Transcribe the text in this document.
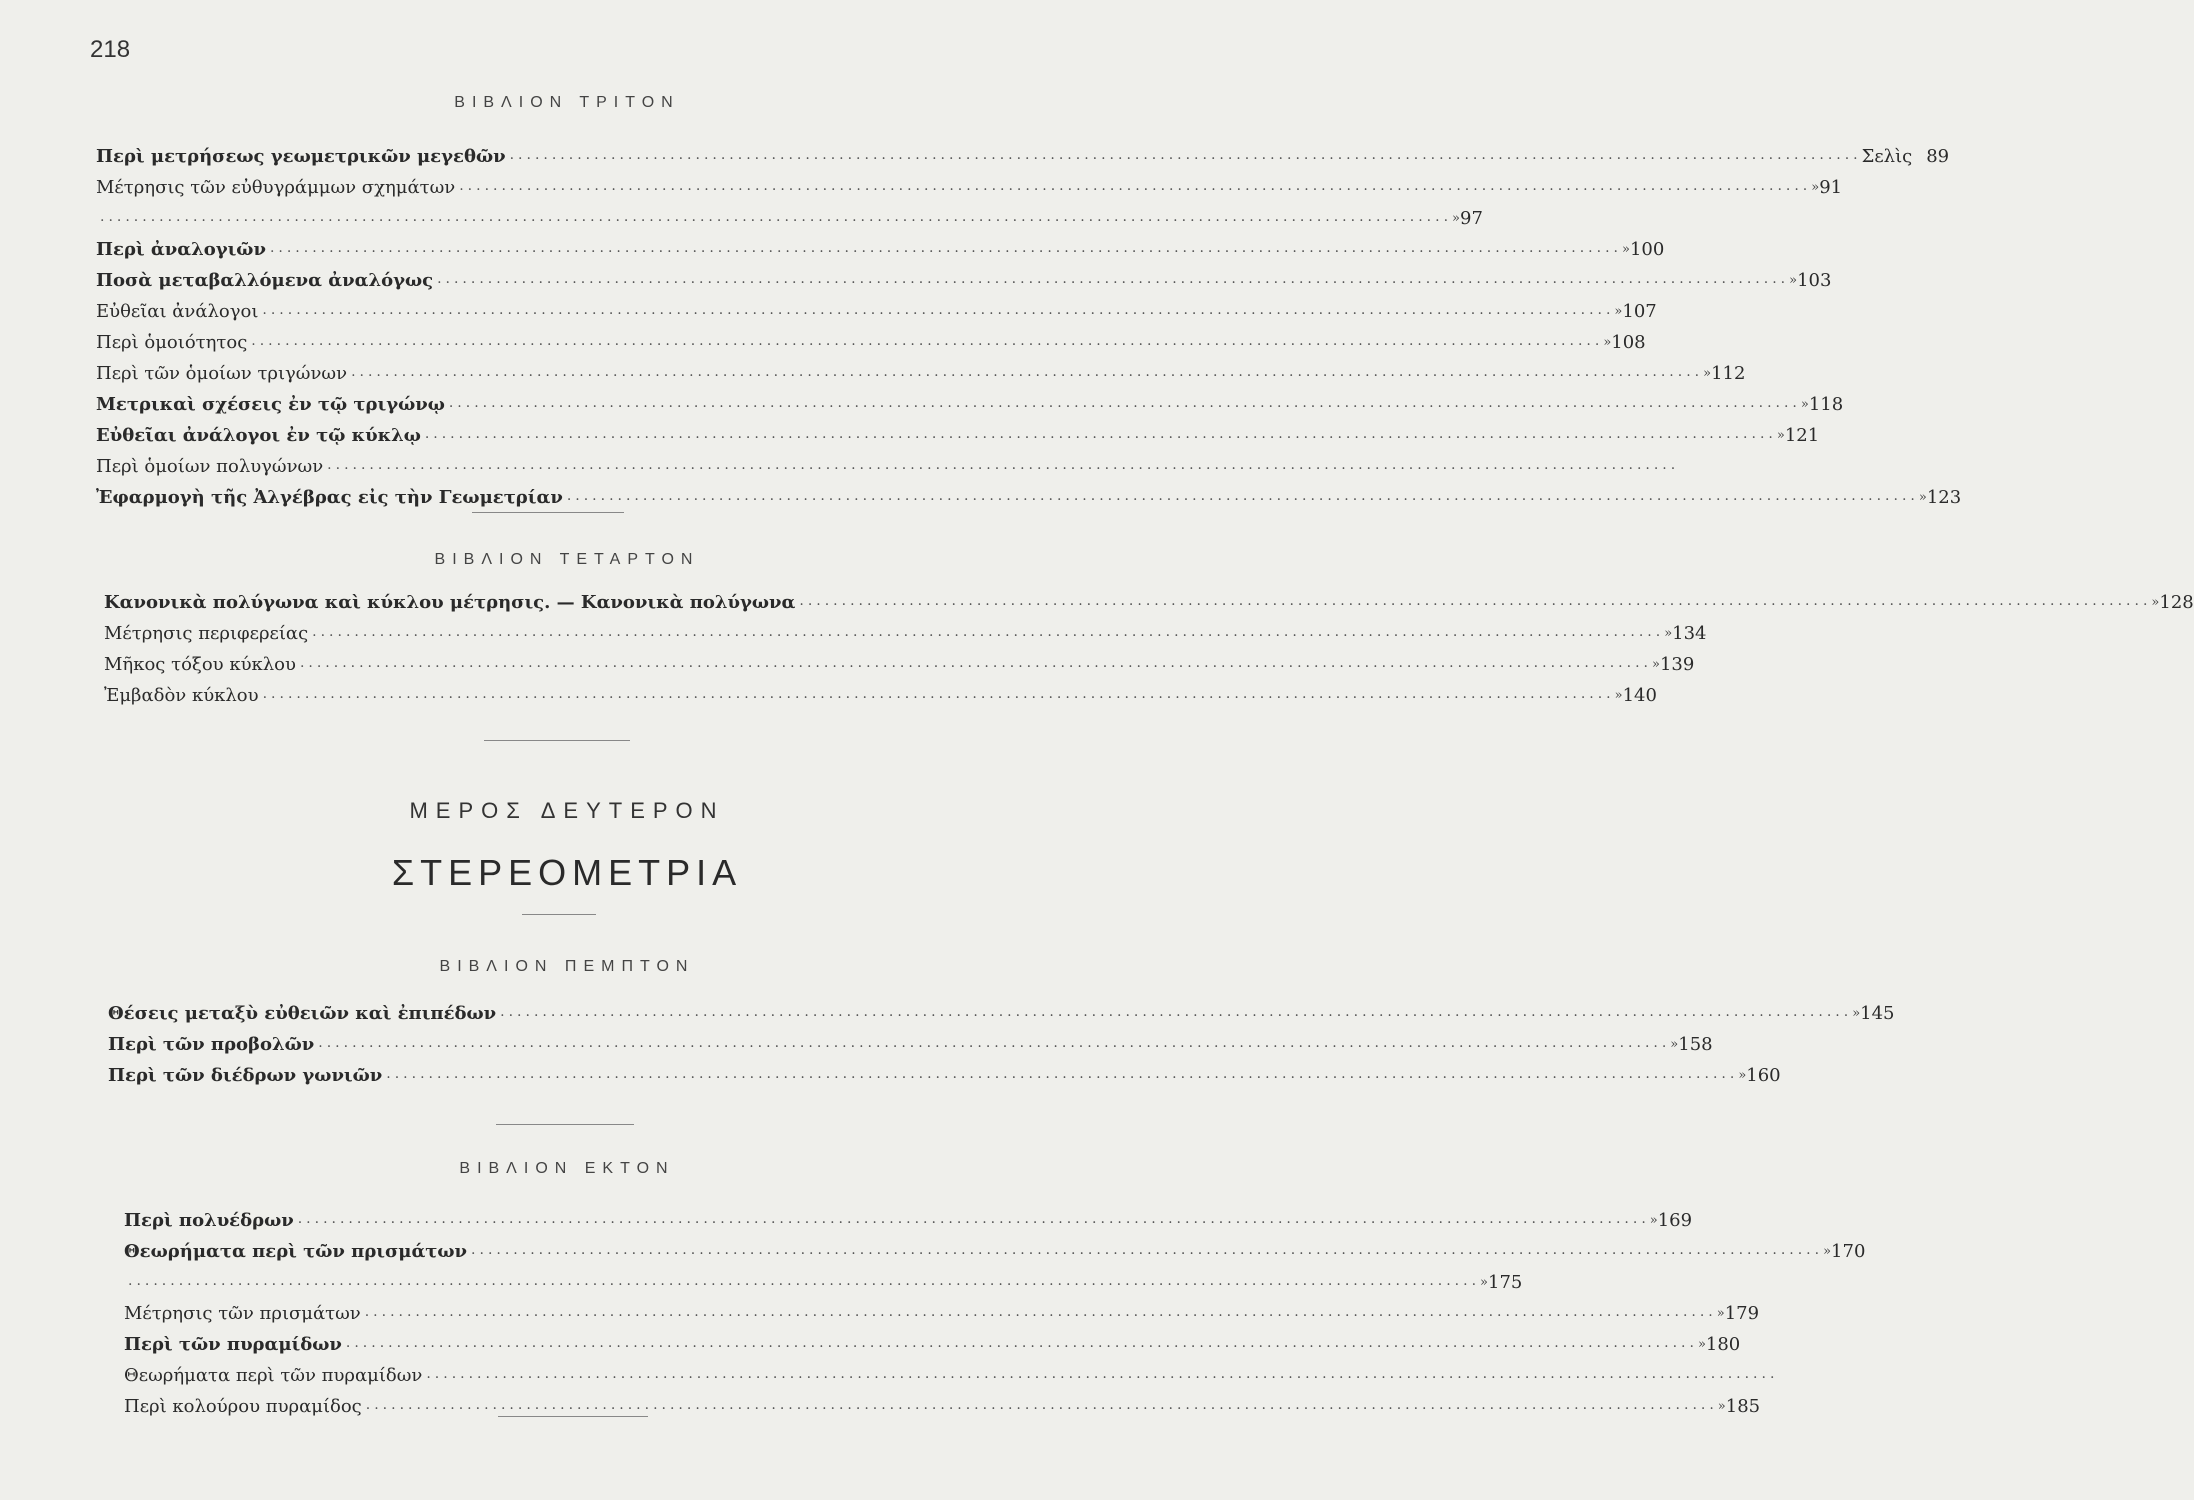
218
ΒΙΒΛΙΟΝ ΤΡΙΤΟΝ
Περὶ μετρήσεως γεωμετρικῶν μεγεθῶν ................................................................................................................................................................ Σελὶς 89
Μέτρησις τῶν εὐθυγράμμων σχημάτων ................................................................................................................................................................ » 91
................................................................................................................................................................ » 97
Περὶ ἀναλογιῶν ................................................................................................................................................................ » 100
Ποσὰ μεταβαλλόμενα ἀναλόγως ................................................................................................................................................................ » 103
Εὐθεῖαι ἀνάλογοι ................................................................................................................................................................ » 107
Περὶ ὁμοιότητος ................................................................................................................................................................ » 108
Περὶ τῶν ὁμοίων τριγώνων ................................................................................................................................................................ » 112
Μετρικαὶ σχέσεις ἐν τῷ τριγώνῳ ................................................................................................................................................................ » 118
Εὐθεῖαι ἀνάλογοι ἐν τῷ κύκλῳ ................................................................................................................................................................ » 121
Περὶ ὁμοίων πολυγώνων ................................................................................................................................................................
Ἐφαρμογὴ τῆς Ἀλγέβρας εἰς τὴν Γεωμετρίαν ................................................................................................................................................................ » 123
ΒΙΒΛΙΟΝ ΤΕΤΑΡΤΟΝ
Κανονικὰ πολύγωνα καὶ κύκλου μέτρησις. — Κανονικὰ πολύγωνα ................................................................................................................................................................ » 128
Μέτρησις περιφερείας ................................................................................................................................................................ » 134
Μῆκος τόξου κύκλου ................................................................................................................................................................ » 139
Ἐμβαδὸν κύκλου ................................................................................................................................................................ » 140
ΜΕΡΟΣ ΔΕΥΤΕΡΟΝ
ΣΤΕΡΕΟΜΕΤΡΙΑ
ΒΙΒΛΙΟΝ ΠΕΜΠΤΟΝ
Θέσεις μεταξὺ εὐθειῶν καὶ ἐπιπέδων ................................................................................................................................................................ » 145
Περὶ τῶν προβολῶν ................................................................................................................................................................ » 158
Περὶ τῶν διέδρων γωνιῶν ................................................................................................................................................................ » 160
ΒΙΒΛΙΟΝ ΕΚΤΟΝ
Περὶ πολυέδρων ................................................................................................................................................................ » 169
Θεωρήματα περὶ τῶν πρισμάτων ................................................................................................................................................................ » 170
................................................................................................................................................................ » 175
Μέτρησις τῶν πρισμάτων ................................................................................................................................................................ » 179
Περὶ τῶν πυραμίδων ................................................................................................................................................................ » 180
Θεωρήματα περὶ τῶν πυραμίδων ................................................................................................................................................................
Περὶ κολούρου πυραμίδος ................................................................................................................................................................ » 185
